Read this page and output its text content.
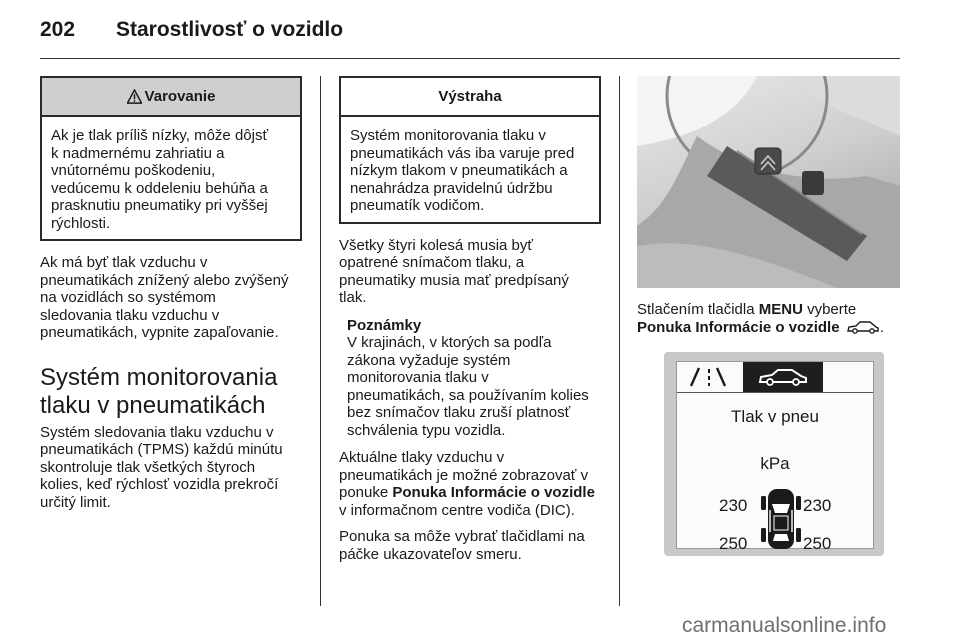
202 Starostlivosť o vozidlo
Varovanie

Ak je tlak príliš nízky, môže dôjsť

k nadmernému zahriatiu a

vnútornému poškodeniu,

vedúcemu k oddeleniu behúňa a

prasknutiu pneumatiky pri vyššej

rýchlosti.

Ak má byť tlak vzduchu v

pneumatikách znížený alebo zvýšený

na vozidlách so systémom

sledovania tlaku vzduchu v

pneumatikách, vypnite zapaľovanie.

Systém monitorovania

tlaku v pneumatikách

Systém sledovania tlaku vzduchu v

pneumatikách (TPMS) každú minútu

skontroluje tlak všetkých štyroch

kolies, keď rýchlosť vozidla prekročí

určitý limit.

Výstraha

Systém monitorovania tlaku v

pneumatikách vás iba varuje pred

nízkym tlakom v pneumatikách a

nenahrádza pravidelnú údržbu

pneumatík vodičom.

Všetky štyri kolesá musia byť

opatrené snímačom tlaku, a

pneumatiky musia mať predpísaný

tlak.

Poznámky

V krajinách, v ktorých sa podľa

zákona vyžaduje systém

monitorovania tlaku v

pneumatikách, sa používaním kolies

bez snímačov tlaku zruší platnosť

schválenia typu vozidla.

Aktuálne tlaky vzduchu v

pneumatikách je možné zobrazovať v

ponuke Ponuka Informácie o vozidle

v informačnom centre vodiča (DIC).

Ponuka sa môže vybrať tlačidlami na

páčke ukazovateľov smeru.

Stlačením tlačidla MENU vyberte

Ponuka Informácie o vozidle	.

Tlak v pneu
kPa
230	230
250	250
carmanualsonline.info
